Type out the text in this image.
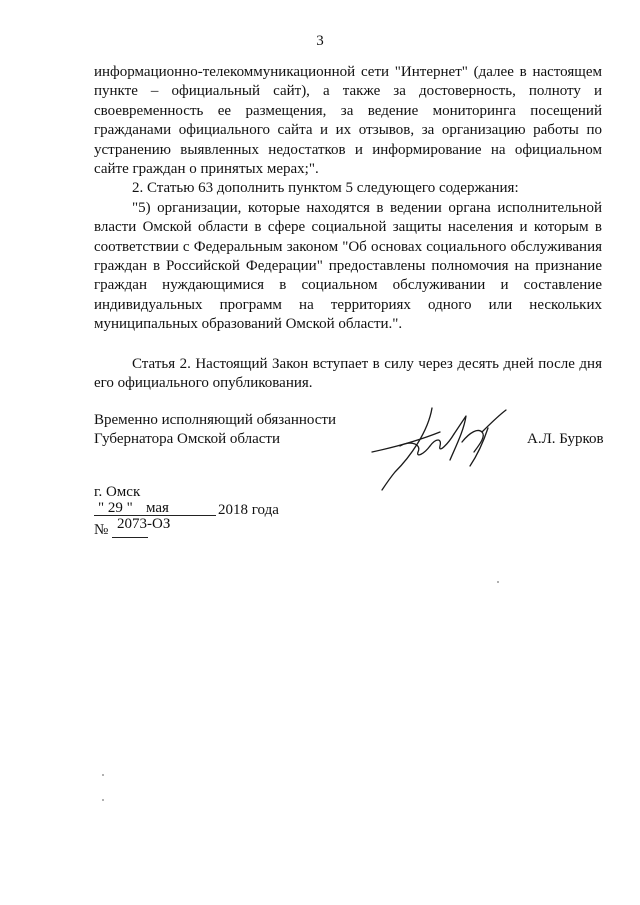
3

информационно-телекоммуникационной сети "Интернет" (далее в настоящем пункте – официальный сайт), а также за достоверность, полноту и своевременность ее размещения, за ведение мониторинга посещений гражданами официального сайта и их отзывов, за организацию работы по устранению выявленных недостатков и информирование на официальном сайте граждан о принятых мерах;".

2. Статью 63 дополнить пунктом 5 следующего содержания:

"5) организации, которые находятся в ведении органа исполнительной власти Омской области в сфере социальной защиты населения и которым в соответствии с Федеральным законом "Об основах социального обслуживания граждан в Российской Федерации" предоставлены полномочия на признание граждан нуждающимися в социальном обслуживании и составление индивидуальных программ на территориях одного или нескольких муниципальных образований Омской области.".

Статья 2. Настоящий Закон вступает в силу через десять дней после дня его официального опубликования.

Временно исполняющий обязанности
Губернатора Омской области	А.Л. Бурков
г. Омск
" 29 " мая	2018 года
№ 2073-ОЗ
